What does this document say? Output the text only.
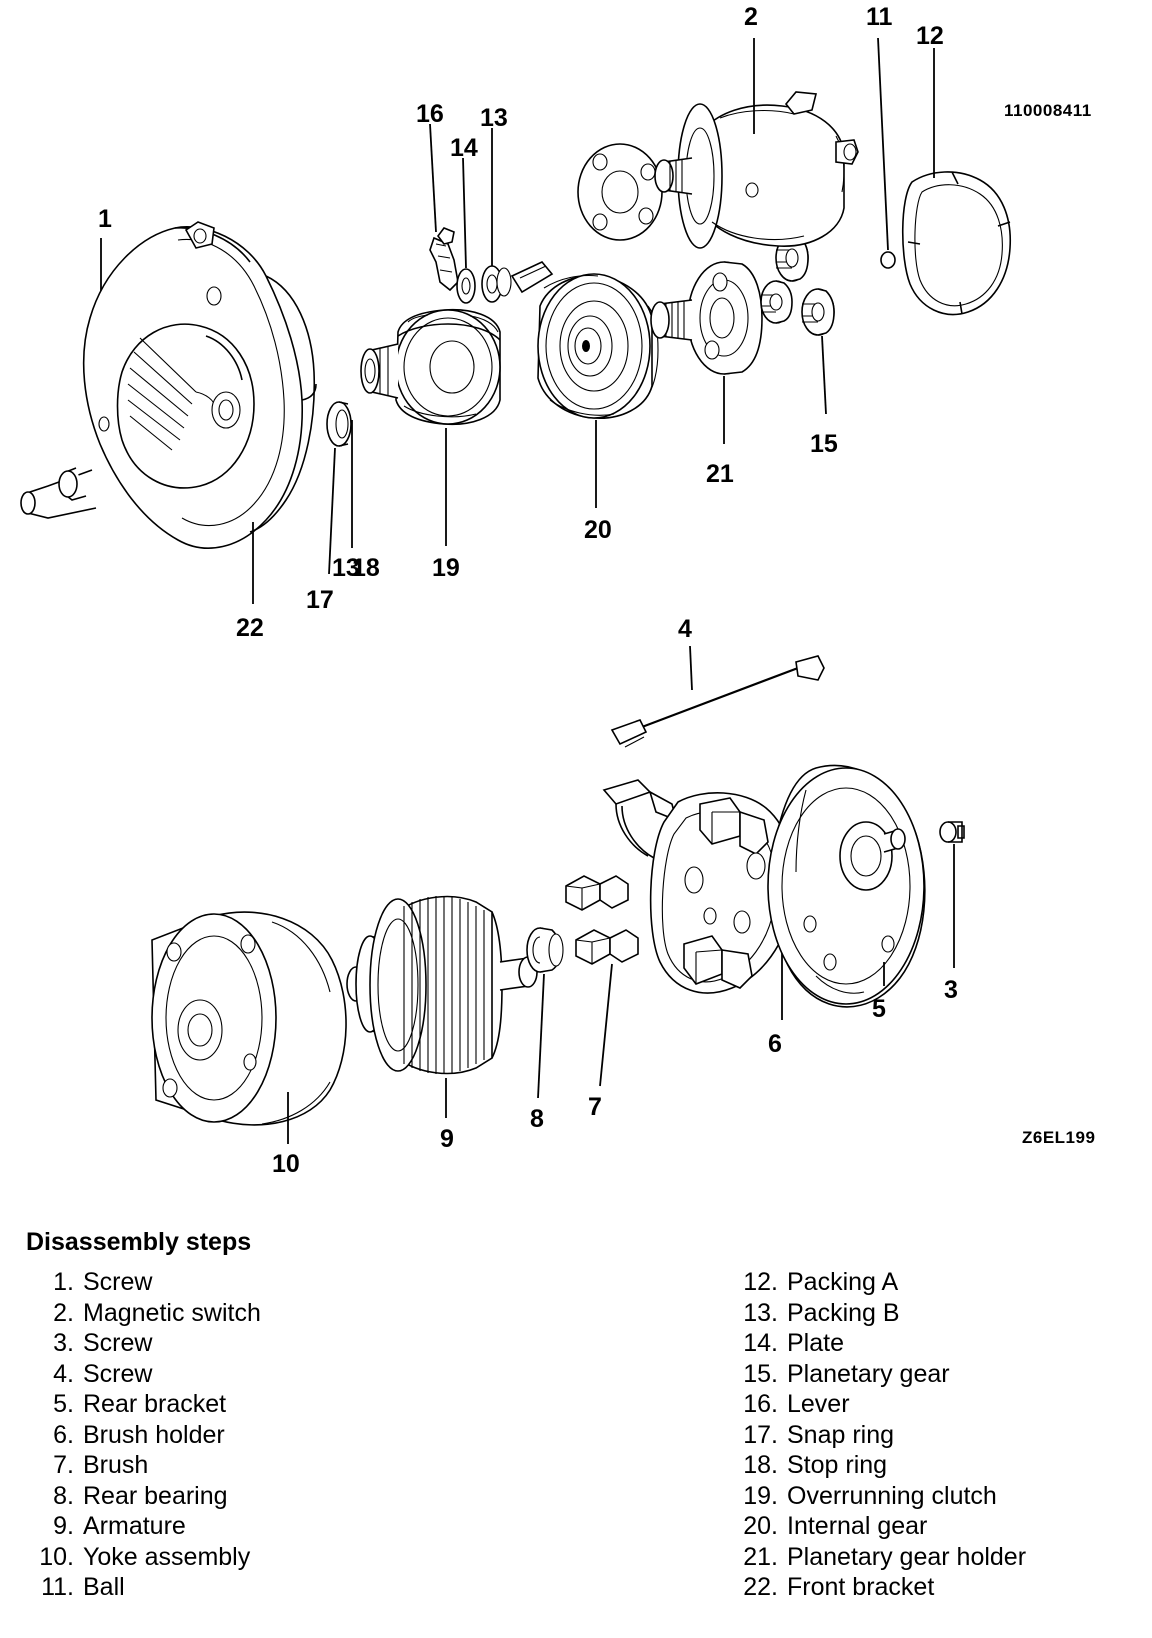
1
2
3
4
5
6
7
8
9
10
11
12
13
13
14
15
16
17
18 19
20
21
22
110008411
Z6EL199
Disassembly steps
1. Screw
2. Magnetic switch
3. Screw
4. Screw
5. Rear bracket
6. Brush holder
7. Brush
8. Rear bearing
9. Armature
10. Yoke assembly
11. Ball
12. Packing A
13. Packing B
14. Plate
15. Planetary gear
16. Lever
17. Snap ring
18. Stop ring
19. Overrunning clutch
20. Internal gear
21. Planetary gear holder
22. Front bracket
